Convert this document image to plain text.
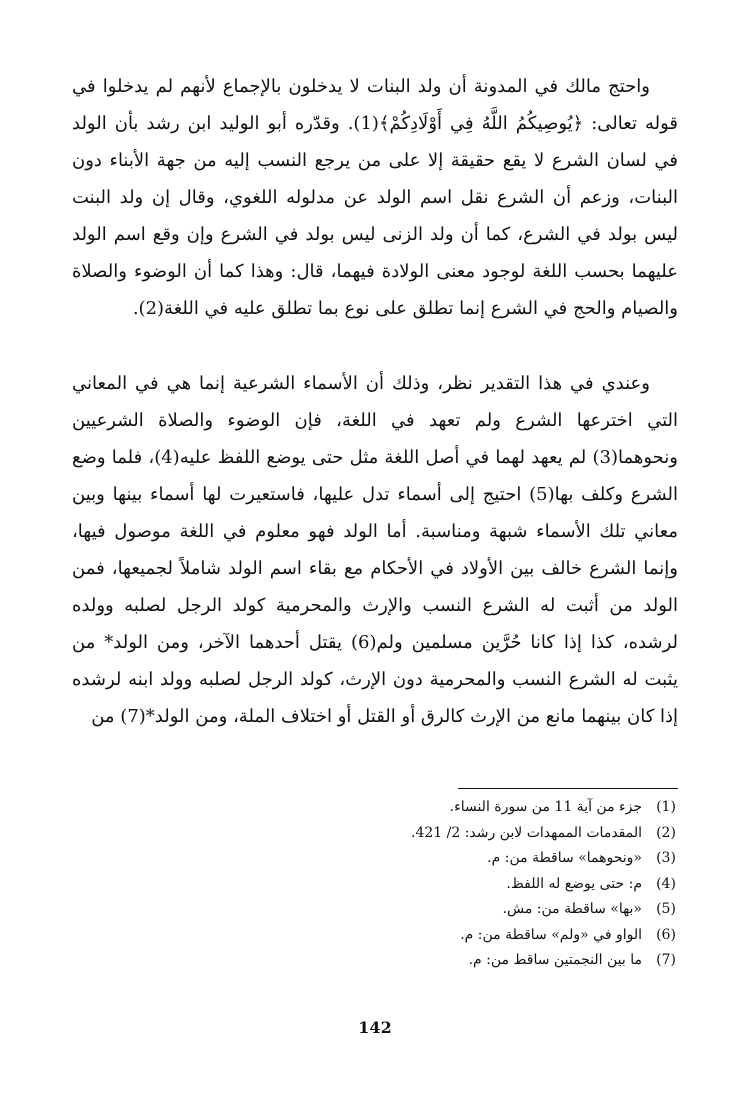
واحتج مالك في المدونة أن ولد البنات لا يدخلون بالإجماع لأنهم لم يدخلوا في قوله تعالى: ﴿يُوصِيكُمُ اللَّهُ فِي أَوْلَادِكُمْ﴾(1). وقدّره أبو الوليد ابن رشد بأن الولد في لسان الشرع لا يقع حقيقة إلا على من يرجع النسب إليه من جهة الأبناء دون البنات، وزعم أن الشرع نقل اسم الولد عن مدلوله اللغوي، وقال إن ولد البنت ليس بولد في الشرع، كما أن ولد الزنى ليس بولد في الشرع وإن وقع اسم الولد عليهما بحسب اللغة لوجود معنى الولادة فيهما، قال: وهذا كما أن الوضوء والصلاة والصيام والحج في الشرع إنما تطلق على نوع بما تطلق عليه في اللغة(2).

وعندي في هذا التقدير نظر، وذلك أن الأسماء الشرعية إنما هي في المعاني التي اخترعها الشرع ولم تعهد في اللغة، فإن الوضوء والصلاة الشرعيين ونحوهما(3) لم يعهد لهما في أصل اللغة مثل حتى يوضع اللفظ عليه(4)، فلما وضع الشرع وكلف بها(5) احتيج إلى أسماء تدل عليها، فاستعيرت لها أسماء بينها وبين معاني تلك الأسماء شبهة ومناسبة. أما الولد فهو معلوم في اللغة موصول فيها، وإنما الشرع خالف بين الأولاد في الأحكام مع بقاء اسم الولد شاملاً لجميعها، فمن الولد من أثبت له الشرع النسب والإرث والمحرمية كولد الرجل لصلبه وولده لرشده، كذا إذا كانا حُرَّين مسلمين ولم(6) يقتل أحدهما الآخر، ومن الولد* من يثبت له الشرع النسب والمحرمية دون الإرث، كولد الرجل لصلبه وولد ابنه لرشده إذا كان بينهما مانع من الإرث كالرق أو القتل أو اختلاف الملة، ومن الولد*(7) من

(1)
جزء من آية 11 من سورة النساء.
(2)
المقدمات الممهدات لابن رشد: 2/ 421.
(3)
«ونحوهما» ساقطة من: م.
(4)
م: حتى يوضع له اللفظ.
(5)
«بها» ساقطة من: مش.
(6)
الواو في «ولم» ساقطة من: م.
(7)
ما بين النجمتين ساقط من: م.
142
